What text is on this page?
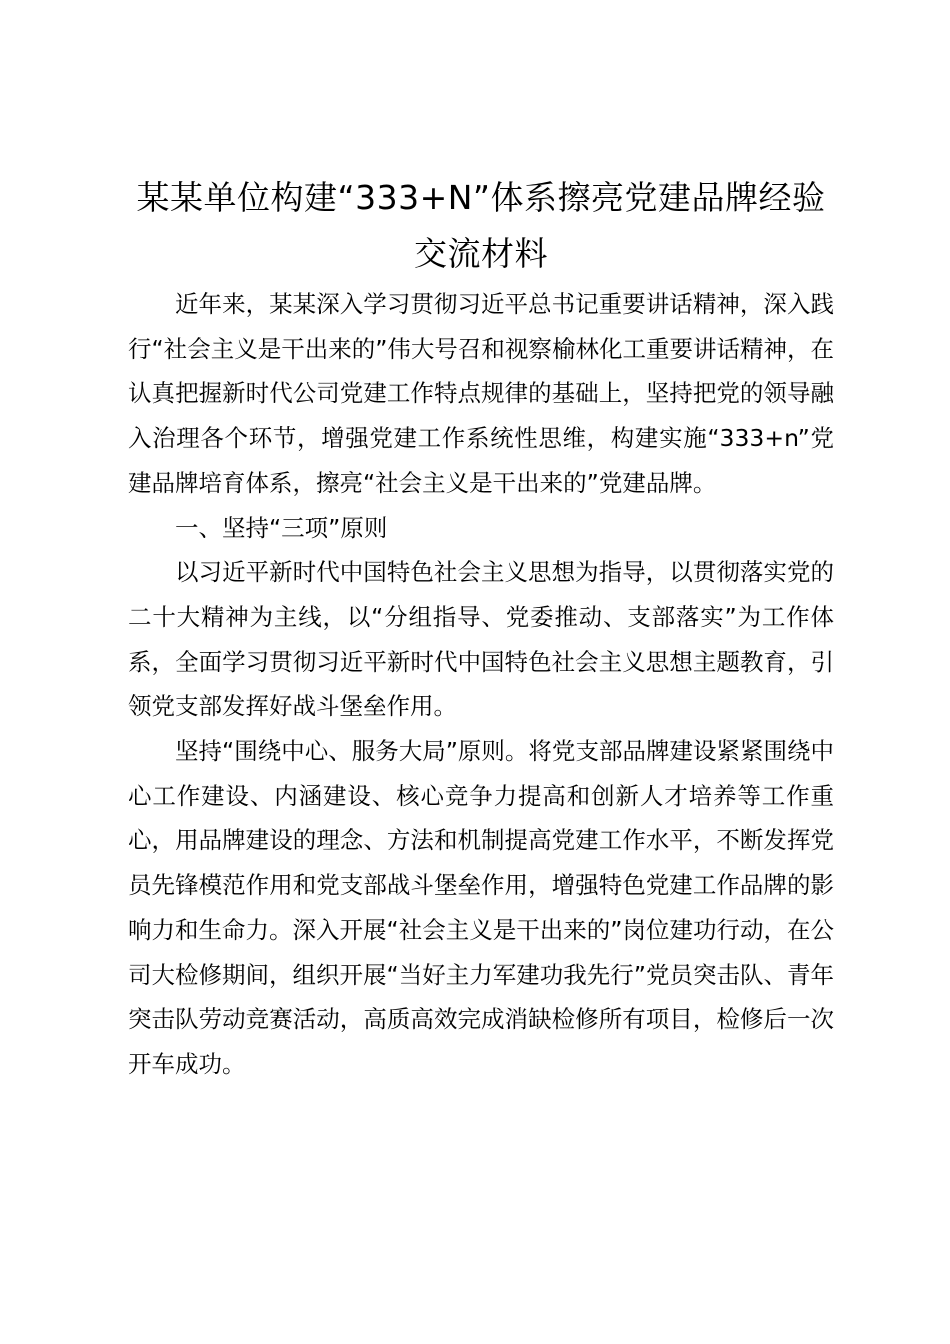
某某单位构建“333+N”体系擦亮党建品牌经验交流材料

近年来，某某深入学习贯彻习近平总书记重要讲话精神，深入践行“社会主义是干出来的”伟大号召和视察榆林化工重要讲话精神，在认真把握新时代公司党建工作特点规律的基础上，坚持把党的领导融入治理各个环节，增强党建工作系统性思维，构建实施“333+n”党建品牌培育体系，擦亮“社会主义是干出来的”党建品牌。

一、坚持“三项”原则

以习近平新时代中国特色社会主义思想为指导，以贯彻落实党的二十大精神为主线，以“分组指导、党委推动、支部落实”为工作体系，全面学习贯彻习近平新时代中国特色社会主义思想主题教育，引领党支部发挥好战斗堡垒作用。

坚持“围绕中心、服务大局”原则。将党支部品牌建设紧紧围绕中心工作建设、内涵建设、核心竞争力提高和创新人才培养等工作重心，用品牌建设的理念、方法和机制提高党建工作水平，不断发挥党员先锋模范作用和党支部战斗堡垒作用，增强特色党建工作品牌的影响力和生命力。深入开展“社会主义是干出来的”岗位建功行动，在公司大检修期间，组织开展“当好主力军建功我先行”党员突击队、青年突击队劳动竞赛活动，高质高效完成消缺检修所有项目，检修后一次开车成功。
